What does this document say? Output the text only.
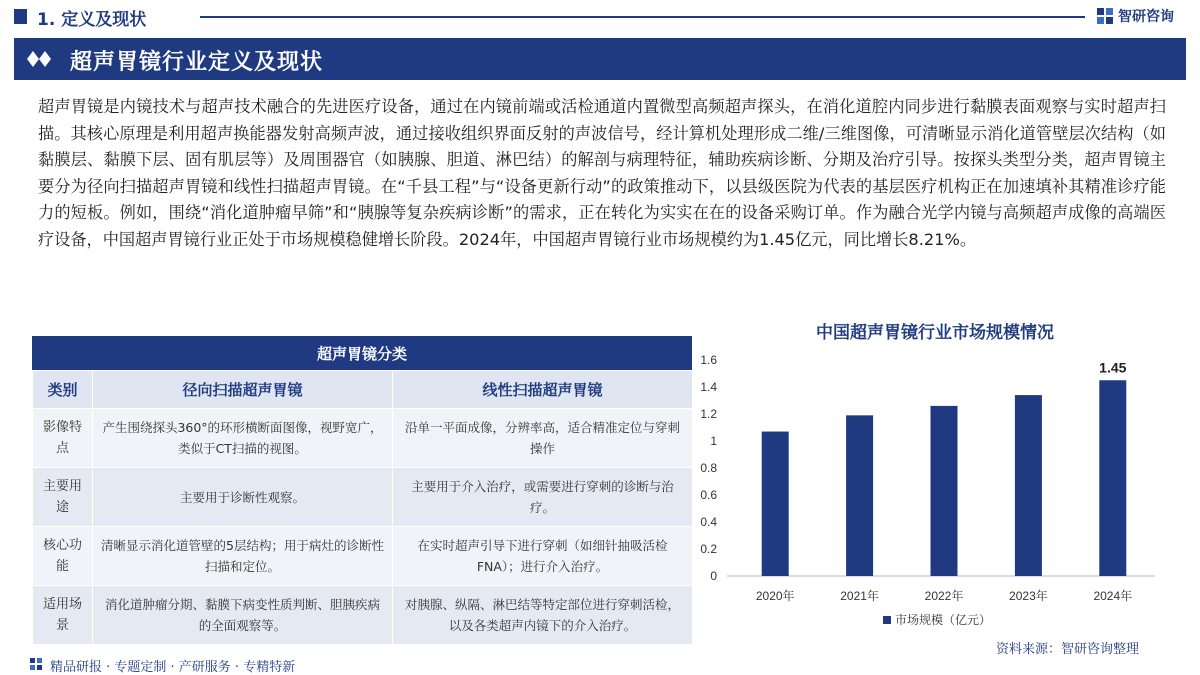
1. 定义及现状	智研咨询
超声胃镜行业定义及现状

超声胃镜是内镜技术与超声技术融合的先进医疗设备，通过在内镜前端或活检通道内置微型高频超声探头，在消化道腔内同步进行黏膜表面观察与实时超声扫描。其核心原理是利用超声换能器发射高频声波，通过接收组织界面反射的声波信号，经计算机处理形成二维/三维图像，可清晰显示消化道管壁层次结构（如黏膜层、黏膜下层、固有肌层等）及周围器官（如胰腺、胆道、淋巴结）的解剖与病理特征，辅助疾病诊断、分期及治疗引导。按探头类型分类，超声胃镜主要分为径向扫描超声胃镜和线性扫描超声胃镜。在“千县工程”与“设备更新行动”的政策推动下，以县级医院为代表的基层医疗机构正在加速填补其精准诊疗能力的短板。例如，围绕“消化道肿瘤早筛”和“胰腺等复杂疾病诊断”的需求，正在转化为实实在在的设备采购订单。作为融合光学内镜与高频超声成像的高端医疗设备，中国超声胃镜行业正处于市场规模稳健增长阶段。2024年，中国超声胃镜行业市场规模约为1.45亿元，同比增长8.21%。

超声胃镜分类
类别	径向扫描超声胃镜	线性扫描超声胃镜
影像特点	产生围绕探头360°的环形横断面图像，视野宽广，类似于CT扫描的视图。	沿单一平面成像，分辨率高，适合精准定位与穿刺操作
主要用途	主要用于诊断性观察。	主要用于介入治疗，或需要进行穿刺的诊断与治疗。
核心功能	清晰显示消化道管壁的5层结构；用于病灶的诊断性扫描和定位。	在实时超声引导下进行穿刺（如细针抽吸活检FNA）；进行介入治疗。
适用场景	消化道肿瘤分期、黏膜下病变性质判断、胆胰疾病的全面观察等。	对胰腺、纵隔、淋巴结等特定部位进行穿刺活检，以及各类超声内镜下的介入治疗。
中国超声胃镜行业市场规模情况
0
0.2
0.4
0.6
0.8
1
1.2
1.4
1.6
2020年	2021年	2022年	2023年	2024年
1.45
市场规模（亿元）
资料来源：智研咨询整理
精品研报 · 专题定制 · 产研服务 · 专精特新
